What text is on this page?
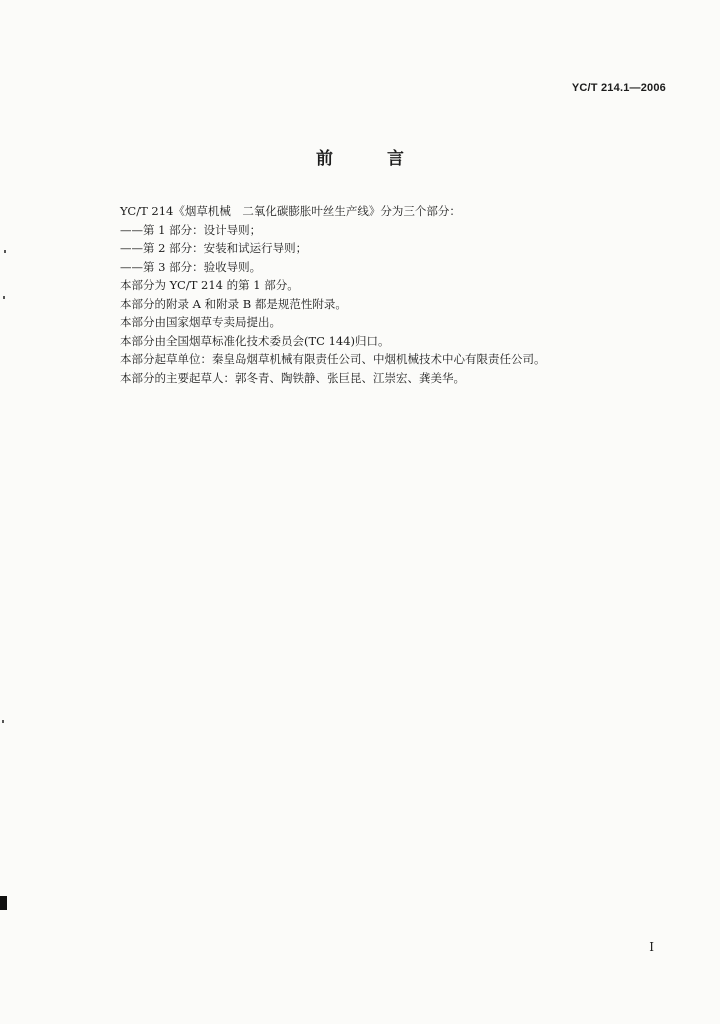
YC/T 214.1—2006
前 言
YC/T 214《烟草机械　二氧化碳膨胀叶丝生产线》分为三个部分：
——第 1 部分：设计导则；
——第 2 部分：安装和试运行导则；
——第 3 部分：验收导则。
本部分为 YC/T 214 的第 1 部分。
本部分的附录 A 和附录 B 都是规范性附录。
本部分由国家烟草专卖局提出。
本部分由全国烟草标准化技术委员会(TC 144)归口。
本部分起草单位：秦皇岛烟草机械有限责任公司、中烟机械技术中心有限责任公司。
本部分的主要起草人：郭冬青、陶铁静、张巨昆、江崇宏、龚美华。
I
